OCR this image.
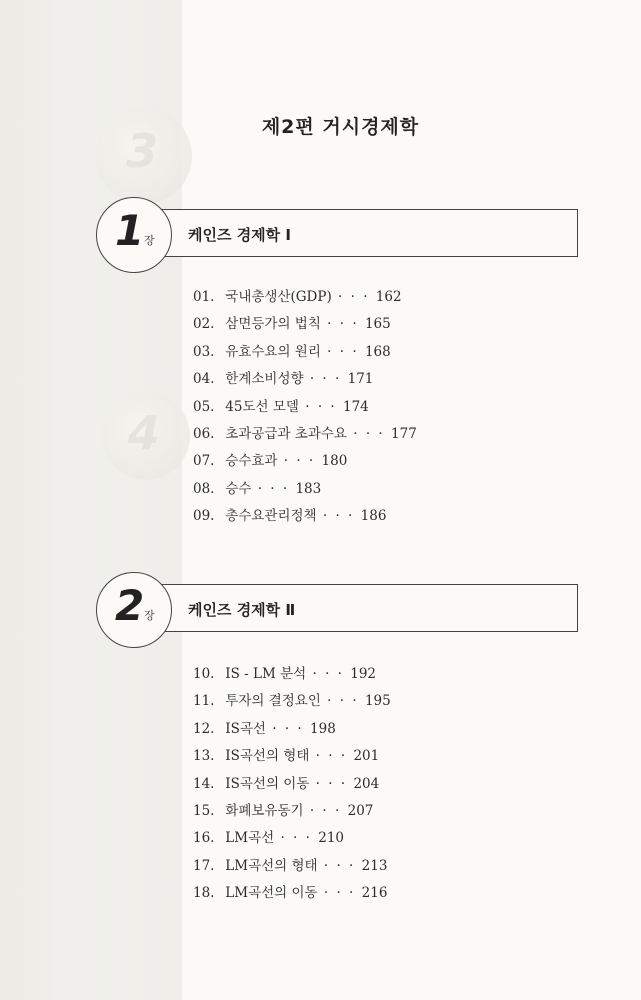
3
4
제2편 거시경제학
1 장 케인즈 경제학 Ⅰ
01. 국내총생산(GDP) · · · 162
02. 삼면등가의 법칙 · · · 165
03. 유효수요의 원리 · · · 168
04. 한계소비성향 · · · 171
05. 45도선 모델 · · · 174
06. 초과공급과 초과수요 · · · 177
07. 승수효과 · · · 180
08. 승수 · · · 183
09. 총수요관리정책 · · · 186
2 장 케인즈 경제학 Ⅱ
10. IS - LM 분석 · · · 192
11. 투자의 결정요인 · · · 195
12. IS곡선 · · · 198
13. IS곡선의 형태 · · · 201
14. IS곡선의 이동 · · · 204
15. 화폐보유동기 · · · 207
16. LM곡선 · · · 210
17. LM곡선의 형태 · · · 213
18. LM곡선의 이동 · · · 216
